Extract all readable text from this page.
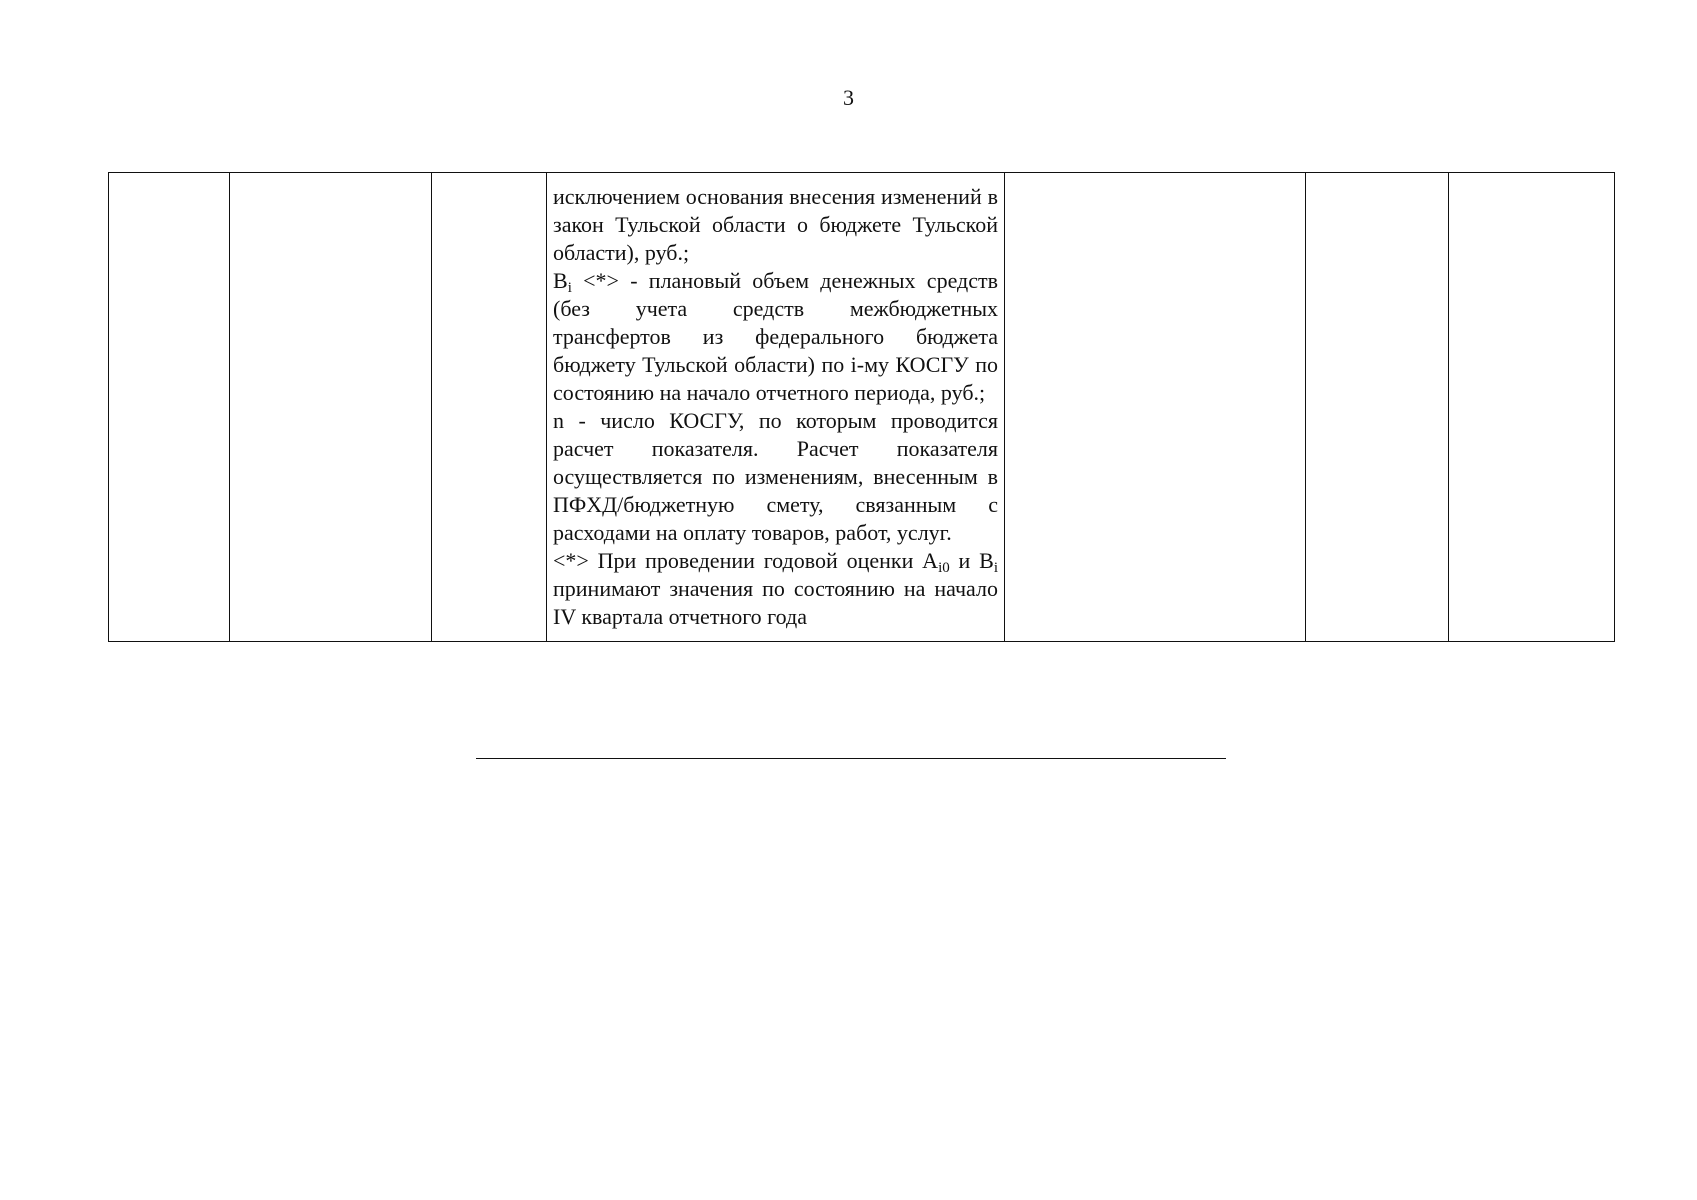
3

исключением основания внесения изменений в закон Тульской области о бюджете Тульской области), руб.;

$B_i$ <*> - плановый объем денежных средств (без учета средств межбюджетных трансфертов из федерального бюджета бюджету Тульской области) по i-му КОСГУ по состоянию на начало отчетного периода, руб.;

n - число КОСГУ, по которым проводится расчет показателя. Расчет показателя осуществляется по изменениям, внесенным в ПФХД/бюджетную смету, связанным с расходами на оплату товаров, работ, услуг.

<*> При проведении годовой оценки $A_{i0}$ и $B_i$ принимают значения по состоянию на начало IV квартала отчетного года
